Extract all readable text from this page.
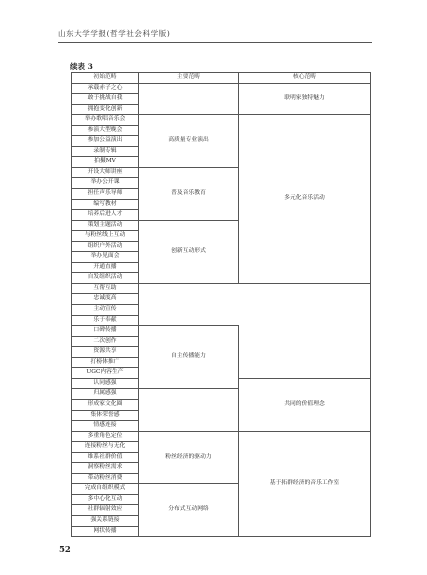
山东大学学报(哲学社会科学版)
续表 3
初始范畴	主要范畴	核心范畴	
承载赤子之心		联明家独特魅力	
敢于挑战自我			
拥抱变化创新			
举办歌唱音乐会	高质量专业演出	多元化音乐活动	
参演大型晚会			
参加公益演出			
录制专辑			
拍摄MV			
开设大师讲座	普及音乐教育		
举办公开课			
担任声乐导师			
编写教材			
培养后进人才			
策划主题活动	创新互动形式		
与粉丝线上互动			
组织户外活动			
举办见面会			
开通直播			
自发组织活动		
互帮互助			
忠诚度高			
主动宣传			
乐于奉献			
口碑传播	自主传播能力		
二次创作			
资源共享			
打榜体推广			
UGC内容生产			
认同感强		共同的价值理念	
归属感强			
形成家文化圈			
集体荣誉感			
情感连接			
多重角色定位	粉丝经济的驱动力	基于拓群经济的音乐工作室	
连接粉丝与无化			
维系社群价值			
洞察粉丝需求			
带动粉丝消费			
完成自组织模式	分布式互动网络		
多中心化互动			
社群辐射效应			
强关系链接			
网状传播			
52
